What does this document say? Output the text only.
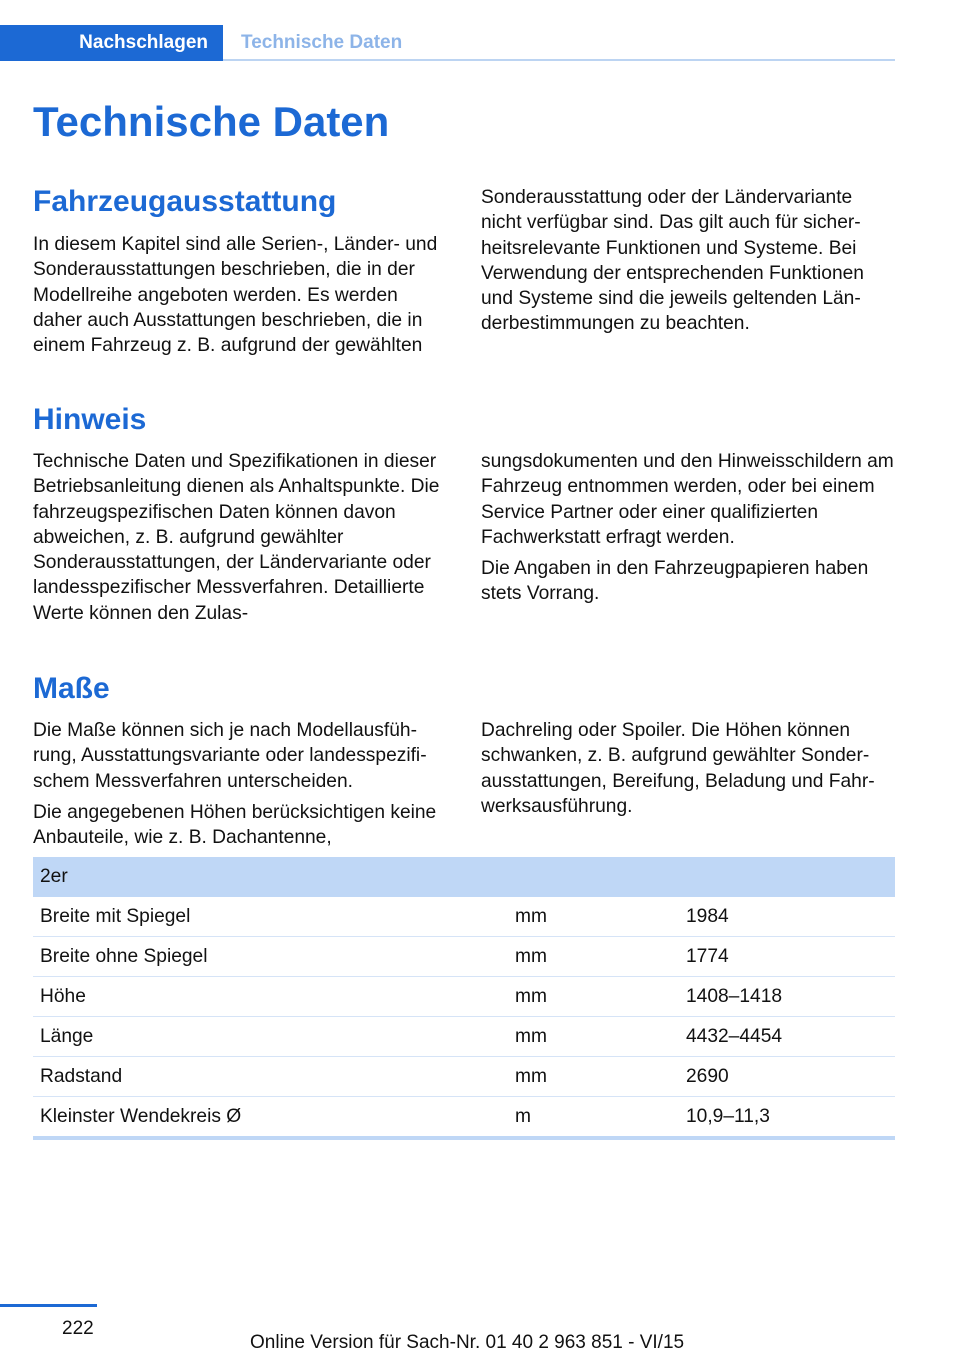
Nachschlagen	Technische Daten
Technische Daten
Fahrzeugausstattung

In diesem Kapitel sind alle Serien-, Länder- und Sonderausstattungen beschrieben, die in der Modellreihe angeboten werden. Es werden daher auch Ausstattungen beschrieben, die in einem Fahrzeug z. B. aufgrund der gewählten

Sonderausstattung oder der Ländervariante nicht verfügbar sind. Das gilt auch für sicherheitsrelevante Funktionen und Systeme. Bei Verwendung der entsprechenden Funktionen und Systeme sind die jeweils geltenden Länderbestimmungen zu beachten.

Hinweis

Technische Daten und Spezifikationen in dieser Betriebsanleitung dienen als Anhaltspunkte. Die fahrzeugspezifischen Daten können davon abweichen, z. B. aufgrund gewählter Sonderausstattungen, der Ländervariante oder landesspezifischer Messverfahren. Detaillierte Werte können den Zulas-

sungsdokumenten und den Hinweisschildern am Fahrzeug entnommen werden, oder bei einem Service Partner oder einer qualifizierten Fachwerkstatt erfragt werden.

Die Angaben in den Fahrzeugpapieren haben stets Vorrang.

Maße

Die Maße können sich je nach Modellausführung, Ausstattungsvariante oder landesspezifischem Messverfahren unterscheiden.

Die angegebenen Höhen berücksichtigen keine Anbauteile, wie z. B. Dachantenne,

Dachreling oder Spoiler. Die Höhen können schwanken, z. B. aufgrund gewählter Sonderausstattungen, Bereifung, Beladung und Fahrwerksausführung.

2er		
Breite mit Spiegel	mm	1984
Breite ohne Spiegel	mm	1774
Höhe	mm	1408–1418
Länge	mm	4432–4454
Radstand	mm	2690
Kleinster Wendekreis Ø	m	10,9–11,3
222
Online Version für Sach-Nr. 01 40 2 963 851 - VI/15
